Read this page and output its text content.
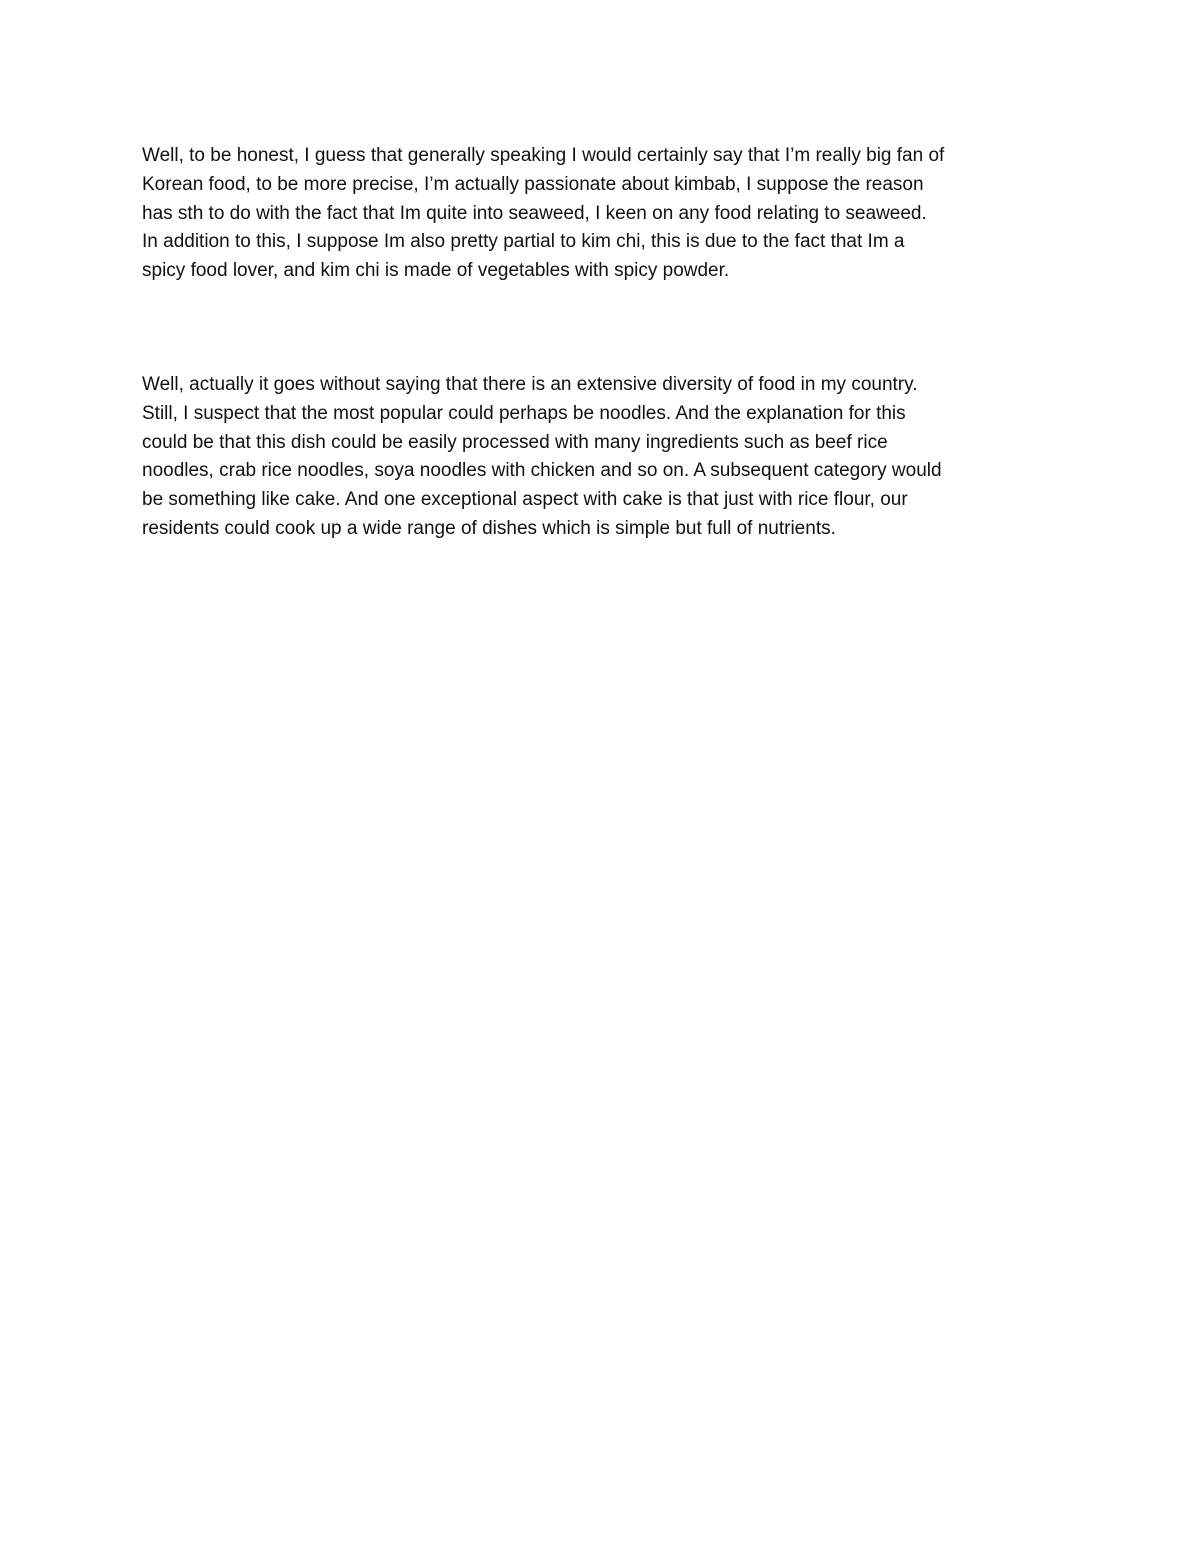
Well, to be honest, I guess that generally speaking I would certainly say that I’m really big fan of
Korean food, to be more precise, I’m actually passionate about kimbab, I suppose the reason
has sth to do with the fact that Im quite into seaweed, I keen on any food relating to seaweed.
In addition to this, I suppose Im also pretty partial to kim chi, this is due to the fact that Im a
spicy food lover, and kim chi is made of vegetables with spicy powder.

Well, actually it goes without saying that there is an extensive diversity of food in my country.
Still, I suspect that the most popular could perhaps be noodles. And the explanation for this
could be that this dish could be easily processed with many ingredients such as beef rice
noodles, crab rice noodles, soya noodles with chicken and so on. A subsequent category would
be something like cake. And one exceptional aspect with cake is that just with rice flour, our
residents could cook up a wide range of dishes which is simple but full of nutrients.
